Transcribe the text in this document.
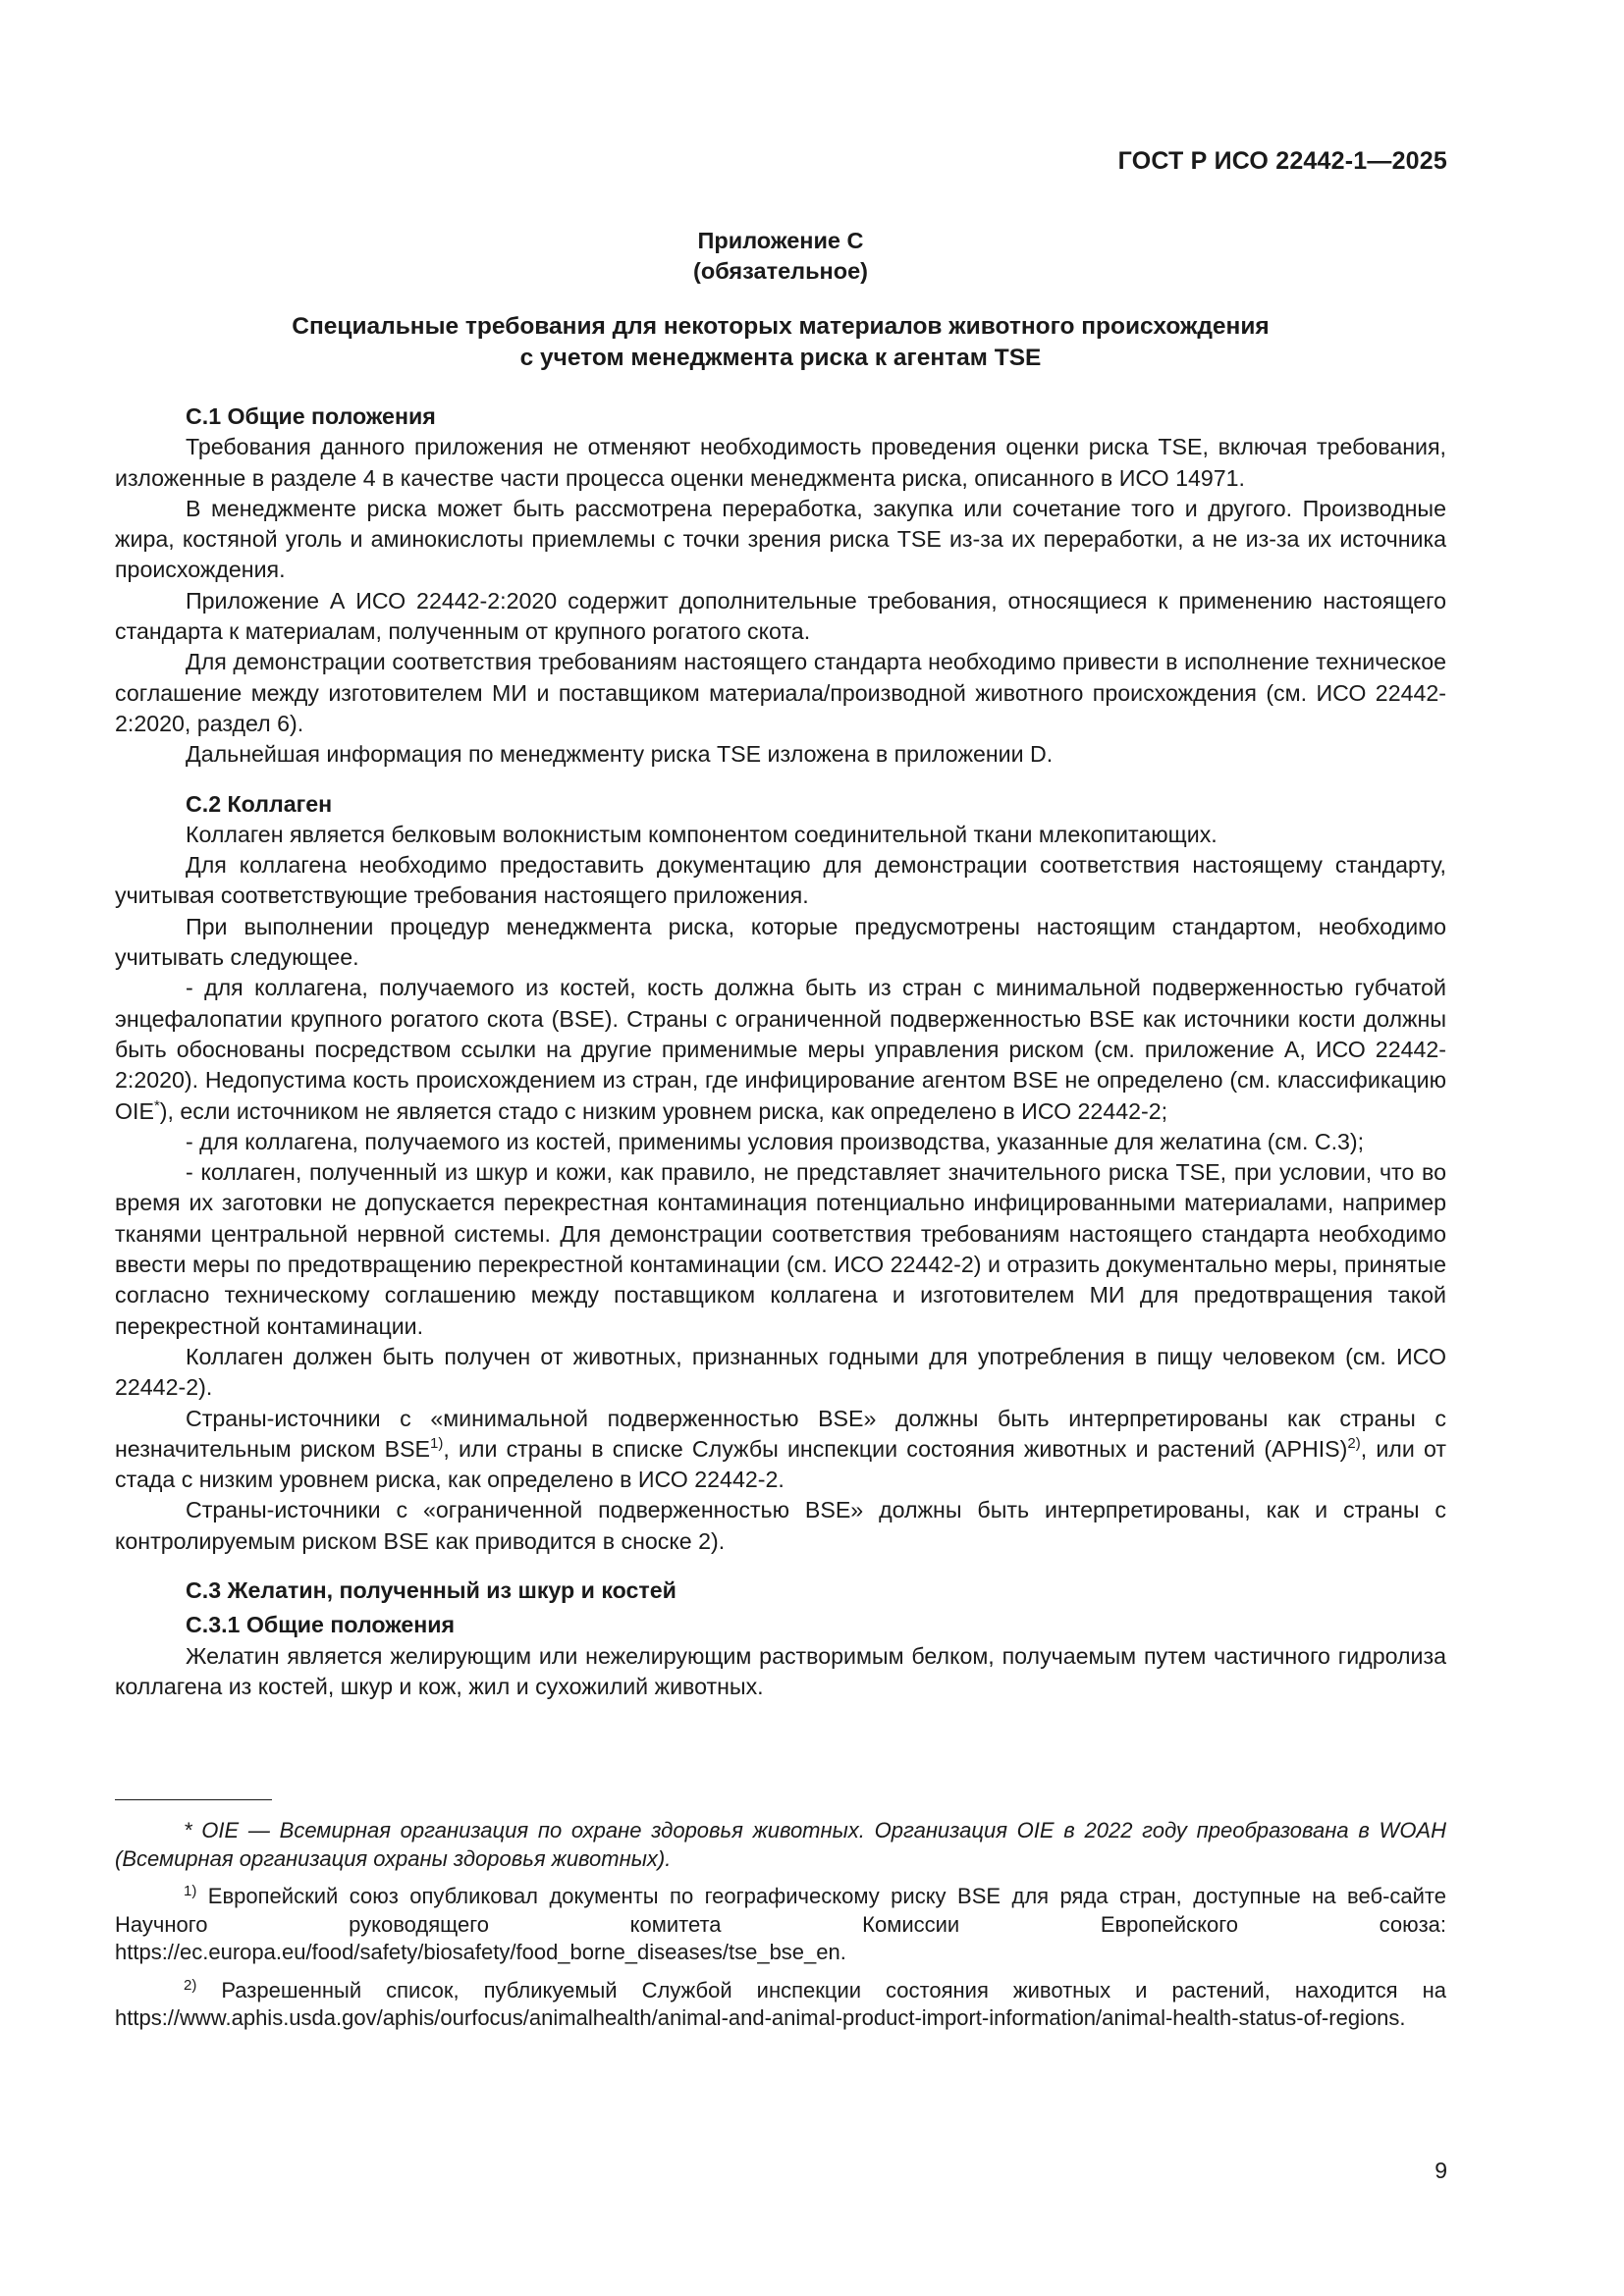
ГОСТ Р ИСО 22442-1—2025
Приложение С
(обязательное)
Специальные требования для некоторых материалов животного происхождения
с учетом менеджмента риска к агентам TSE
С.1 Общие положения

Требования данного приложения не отменяют необходимость проведения оценки риска TSE, включая требования, изложенные в разделе 4 в качестве части процесса оценки менеджмента риска, описанного в ИСО 14971.

В менеджменте риска может быть рассмотрена переработка, закупка или сочетание того и другого. Производные жира, костяной уголь и аминокислоты приемлемы с точки зрения риска TSE из-за их переработки, а не из-за их источника происхождения.

Приложение А ИСО 22442-2:2020 содержит дополнительные требования, относящиеся к применению настоящего стандарта к материалам, полученным от крупного рогатого скота.

Для демонстрации соответствия требованиям настоящего стандарта необходимо привести в исполнение техническое соглашение между изготовителем МИ и поставщиком материала/производной животного происхождения (см. ИСО 22442-2:2020, раздел 6).

Дальнейшая информация по менеджменту риска TSE изложена в приложении D.

С.2 Коллаген

Коллаген является белковым волокнистым компонентом соединительной ткани млекопитающих.

Для коллагена необходимо предоставить документацию для демонстрации соответствия настоящему стандарту, учитывая соответствующие требования настоящего приложения.

При выполнении процедур менеджмента риска, которые предусмотрены настоящим стандартом, необходимо учитывать следующее.

- для коллагена, получаемого из костей, кость должна быть из стран с минимальной подверженностью губчатой энцефалопатии крупного рогатого скота (BSE). Страны с ограниченной подверженностью BSE как источники кости должны быть обоснованы посредством ссылки на другие применимые меры управления риском (см. приложение А, ИСО 22442-2:2020). Недопустима кость происхождением из стран, где инфицирование агентом BSE не определено (см. классификацию OIE*), если источником не является стадо с низким уровнем риска, как определено в ИСО 22442-2;

- для коллагена, получаемого из костей, применимы условия производства, указанные для желатина (см. С.3);

- коллаген, полученный из шкур и кожи, как правило, не представляет значительного риска TSE, при условии, что во время их заготовки не допускается перекрестная контаминация потенциально инфицированными материалами, например тканями центральной нервной системы. Для демонстрации соответствия требованиям настоящего стандарта необходимо ввести меры по предотвращению перекрестной контаминации (см. ИСО 22442-2) и отразить документально меры, принятые согласно техническому соглашению между поставщиком коллагена и изготовителем МИ для предотвращения такой перекрестной контаминации.

Коллаген должен быть получен от животных, признанных годными для употребления в пищу человеком (см. ИСО 22442-2).

Страны-источники с «минимальной подверженностью BSE» должны быть интерпретированы как страны с незначительным риском BSE$^{1)}$, или страны в списке Службы инспекции состояния животных и растений (APHIS)$^{2)}$, или от стада с низким уровнем риска, как определено в ИСО 22442-2.

Страны-источники с «ограниченной подверженностью BSE» должны быть интерпретированы, как и страны с контролируемым риском BSE как приводится в сноске 2).

С.3 Желатин, полученный из шкур и костей
С.3.1 Общие положения

Желатин является желирующим или нежелирующим растворимым белком, получаемым путем частичного гидролиза коллагена из костей, шкур и кож, жил и сухожилий животных.

* OIE — Всемирная организация по охране здоровья животных. Организация OIE в 2022 году преобразована в WOAH (Всемирная организация охраны здоровья животных).

$^{1)}$ Европейский союз опубликовал документы по географическому риску BSE для ряда стран, доступные на веб-сайте Научного руководящего комитета Комиссии Европейского союза: https://ec.europa.eu/food/safety/biosafety/food_borne_diseases/tse_bse_en.

$^{2)}$ Разрешенный список, публикуемый Службой инспекции состояния животных и растений, находится на https://www.aphis.usda.gov/aphis/ourfocus/animalhealth/animal-and-animal-product-import-information/animal-health-status-of-regions.

9
